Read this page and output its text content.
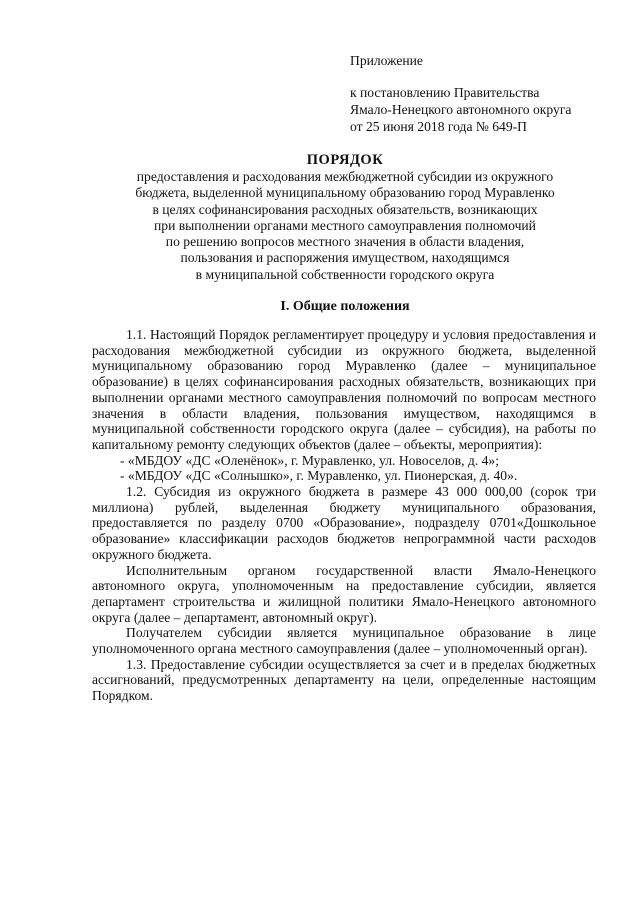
Приложение
к постановлению Правительства
Ямало-Ненецкого автономного округа
от 25 июня 2018 года № 649-П
ПОРЯДОК
предоставления и расходования межбюджетной субсидии из окружного
бюджета, выделенной муниципальному образованию город Муравленко
в целях софинансирования расходных обязательств, возникающих
при выполнении органами местного самоуправления полномочий
по решению вопросов местного значения в области владения,
пользования и распоряжения имуществом, находящимся
в муниципальной собственности городского округа
I. Общие положения

1.1. Настоящий Порядок регламентирует процедуру и условия предоставления и расходования межбюджетной субсидии из окружного бюджета, выделенной муниципальному образованию город Муравленко (далее – муниципальное образование) в целях софинансирования расходных обязательств, возникающих при выполнении органами местного самоуправления полномочий по вопросам местного значения в области владения, пользования имуществом, находящимся в муниципальной собственности городского округа (далее – субсидия), на работы по капитальному ремонту следующих объектов (далее – объекты, мероприятия):

- «МБДОУ «ДС «Оленёнок», г. Муравленко, ул. Новоселов, д. 4»;

- «МБДОУ «ДС «Солнышко», г. Муравленко, ул. Пионерская, д. 40».

1.2. Субсидия из окружного бюджета в размере 43 000 000,00 (сорок три миллиона) рублей, выделенная бюджету муниципального образования, предоставляется по разделу 0700 «Образование», подразделу 0701«Дошкольное образование» классификации расходов бюджетов непрограммной части расходов окружного бюджета.

Исполнительным органом государственной власти Ямало-Ненецкого автономного округа, уполномоченным на предоставление субсидии, является департамент строительства и жилищной политики Ямало-Ненецкого автономного округа (далее – департамент, автономный округ).

Получателем субсидии является муниципальное образование в лице уполномоченного органа местного самоуправления (далее – уполномоченный орган).

1.3. Предоставление субсидии осуществляется за счет и в пределах бюджетных ассигнований, предусмотренных департаменту на цели, определенные настоящим Порядком.
